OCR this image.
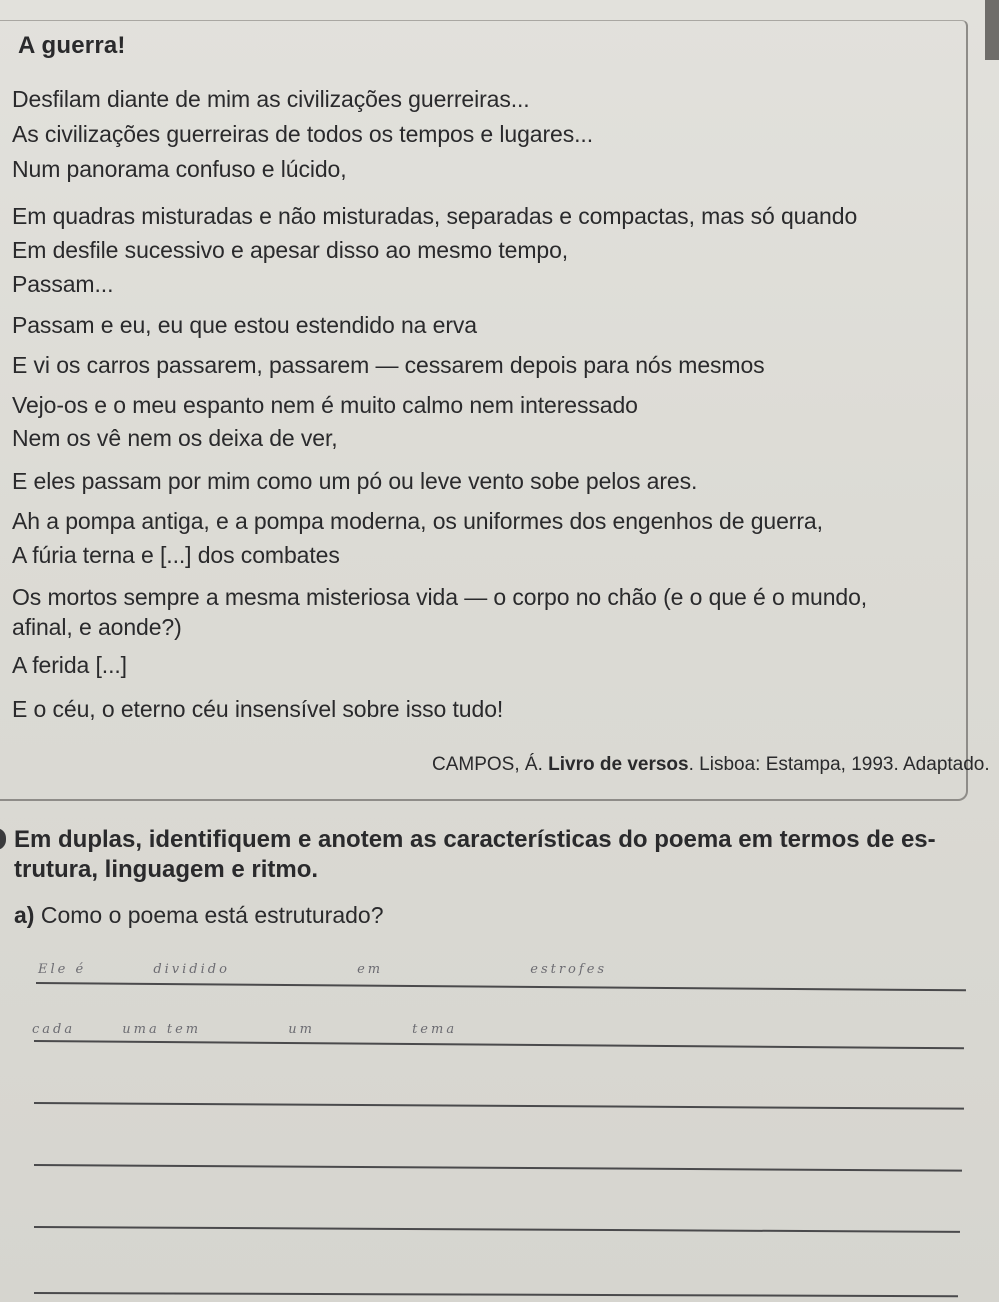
A guerra!
Desfilam diante de mim as civilizações guerreiras...
As civilizações guerreiras de todos os tempos e lugares...
Num panorama confuso e lúcido,
Em quadras misturadas e não misturadas, separadas e compactas, mas só quando
Em desfile sucessivo e apesar disso ao mesmo tempo,
Passam...
Passam e eu, eu que estou estendido na erva
E vi os carros passarem, passarem — cessarem depois para nós mesmos
Vejo-os e o meu espanto nem é muito calmo nem interessado
Nem os vê nem os deixa de ver,
E eles passam por mim como um pó ou leve vento sobe pelos ares.
Ah a pompa antiga, e a pompa moderna, os uniformes dos engenhos de guerra,
A fúria terna e [...] dos combates
Os mortos sempre a mesma misteriosa vida — o corpo no chão (e o que é o mundo,
afinal, e aonde?)
A ferida [...]
E o céu, o eterno céu insensível sobre isso tudo!
CAMPOS, Á. Livro de versos. Lisboa: Estampa, 1993. Adaptado.
Em duplas, identifiquem e anotem as características do poema em termos de es-
trutura, linguagem e ritmo.
a) Como o poema está estruturado?
Ele é	dividido	em	estrofes
cada	uma tem	um	tema
